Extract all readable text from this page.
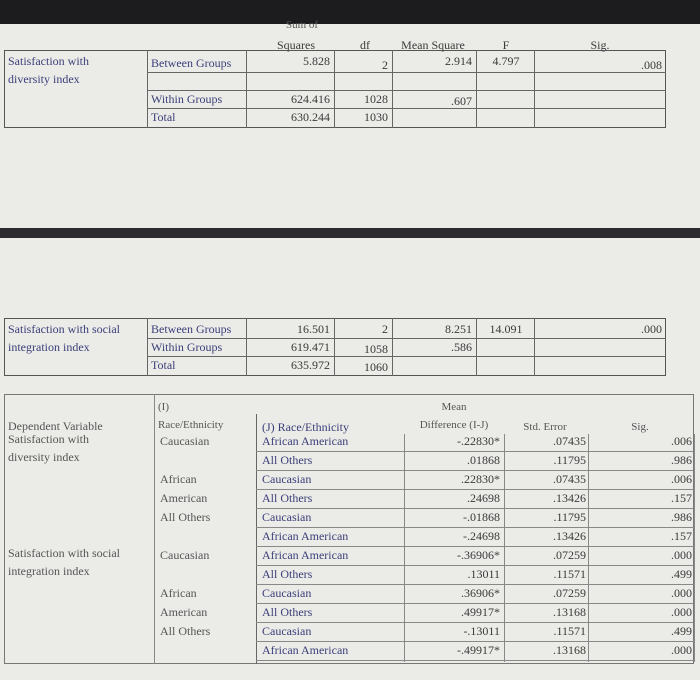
Sum of
Squares	df	Mean Square	F	Sig.
Satisfaction with
diversity index
Between Groups	5.828	2	2.914	4.797	.008
Within Groups	624.416	1028	.607
Total	630.244	1030
Satisfaction with social
integration index
Between Groups	16.501	2	8.251	14.091	.000
Within Groups	619.471	1058	.586
Total	635.972	1060
(I)
Race/Ethnicity
Dependent Variable	(J) Race/Ethnicity
Mean
Difference (I-J)	Std. Error	Sig.
Satisfaction with
diversity index
Caucasian	African American	-.22830*	.07435	.006
All Others	.01868	.11795	.986
African	Caucasian	.22830*	.07435	.006
American	All Others	.24698	.13426	.157
All Others	Caucasian	-.01868	.11795	.986
African American	-.24698	.13426	.157
Satisfaction with social
integration index
Caucasian	African American	-.36906*	.07259	.000
All Others	.13011	.11571	.499
African	Caucasian	.36906*	.07259	.000
American	All Others	.49917*	.13168	.000
All Others	Caucasian	-.13011	.11571	.499
African American	-.49917*	.13168	.000
